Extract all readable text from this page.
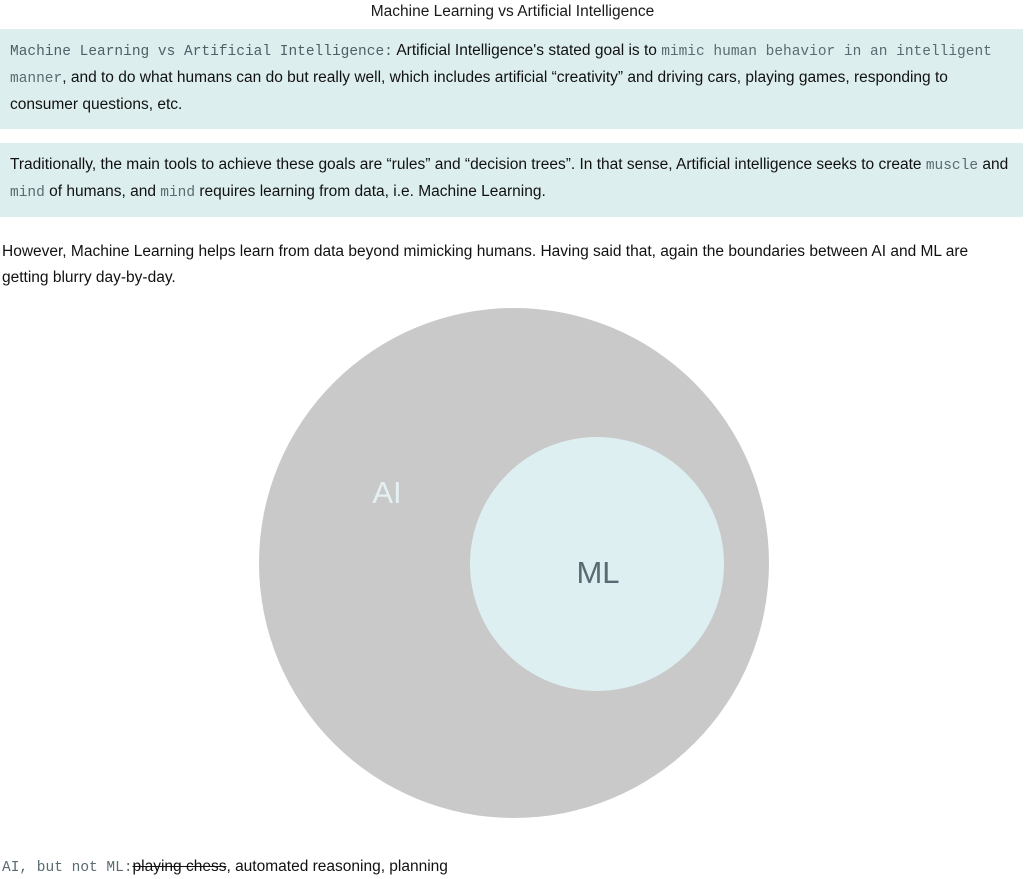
Machine Learning vs Artificial Intelligence
Machine Learning vs Artificial Intelligence: Artificial Intelligence's stated goal is to mimic human behavior in an intelligent manner, and to do what humans can do but really well, which includes artificial “creativity” and driving cars, playing games, responding to consumer questions, etc.
Traditionally, the main tools to achieve these goals are “rules” and “decision trees”. In that sense, Artificial intelligence seeks to create muscle and mind of humans, and mind requires learning from data, i.e. Machine Learning.
However, Machine Learning helps learn from data beyond mimicking humans. Having said that, again the boundaries between AI and ML are getting blurry day-by-day.
AI
ML
AI, but not ML:playing chess, automated reasoning, planning
